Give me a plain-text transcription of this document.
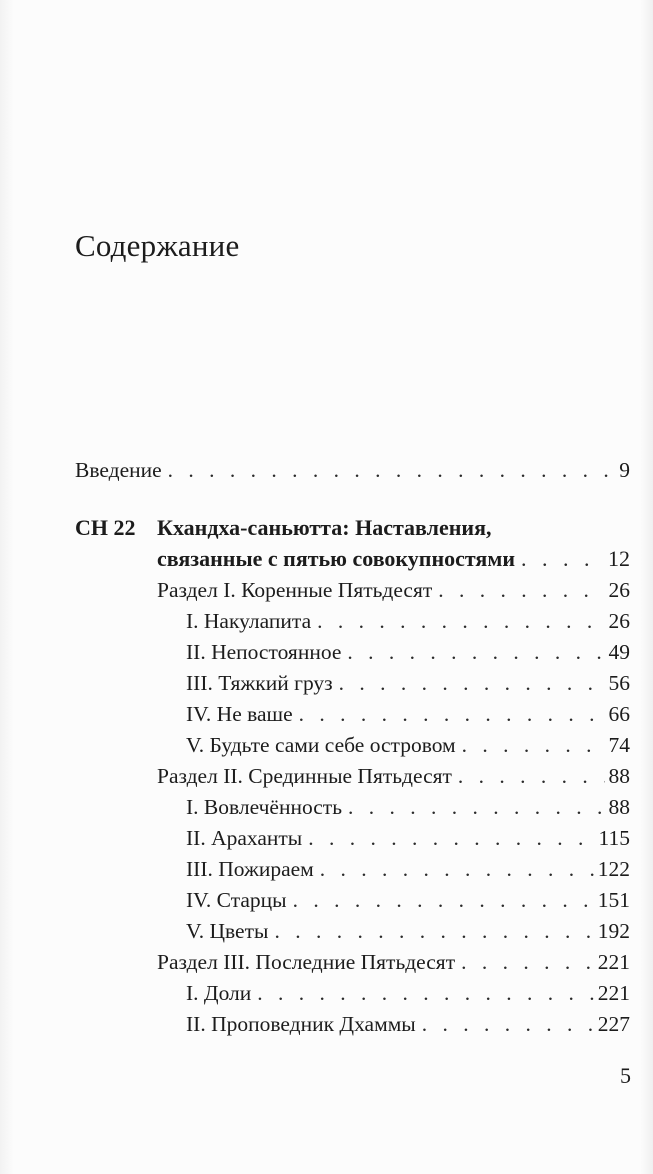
Содержание
Введение . . .	9
СН 22 Кхандха-саньютта: Наставления,
связанные с пятью совокупностями . . .	12
Раздел I. Коренные Пятьдесят . . .	26
I. Накулапита . . .	26
II. Непостоянное . . .	49
III. Тяжкий груз . . .	56
IV. Не ваше . . .	66
V. Будьте сами себе островом . . .	74
Раздел II. Срединные Пятьдесят . . .	88
I. Вовлечённость . . .	88
II. Араханты . . .	115
III. Пожираем . . .	122
IV. Старцы . . .	151
V. Цветы . . .	192
Раздел III. Последние Пятьдесят . . .	221
I. Доли . . .	221
II. Проповедник Дхаммы . . .	227
5
